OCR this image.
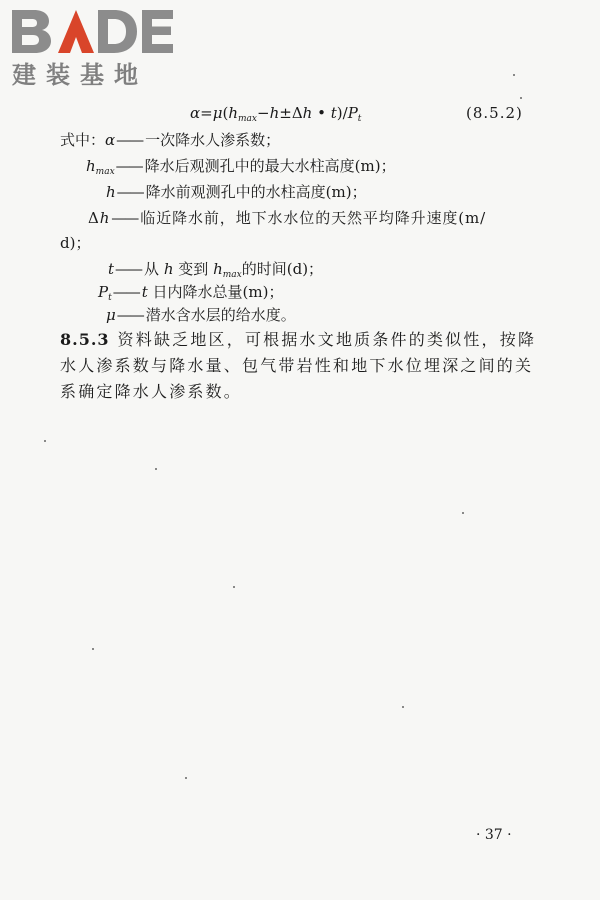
建装基地
$\alpha=\mu(h_{max}-h\pm\Delta h$ • $t)/P_t$	(8.5.2)
式中：α—— 一次降水人渗系数；
$h_{max}——$ 降水后观测孔中的最大水柱高度(m)；
h—— 降水前观测孔中的水柱高度(m)；
Δh—— 临近降水前，地下水水位的天然平均降升速度(m/
d)；
t—— 从 h 变到 $h_{max}$的时间(d)；
$P_t——$ t 日内降水总量(m)；
μ—— 潜水含水层的给水度。
8.5.3 资料缺乏地区，可根据水文地质条件的类似性，按降水人渗系数与降水量、包气带岩性和地下水位埋深之间的关系确定降水人渗系数。
· 37 ·
